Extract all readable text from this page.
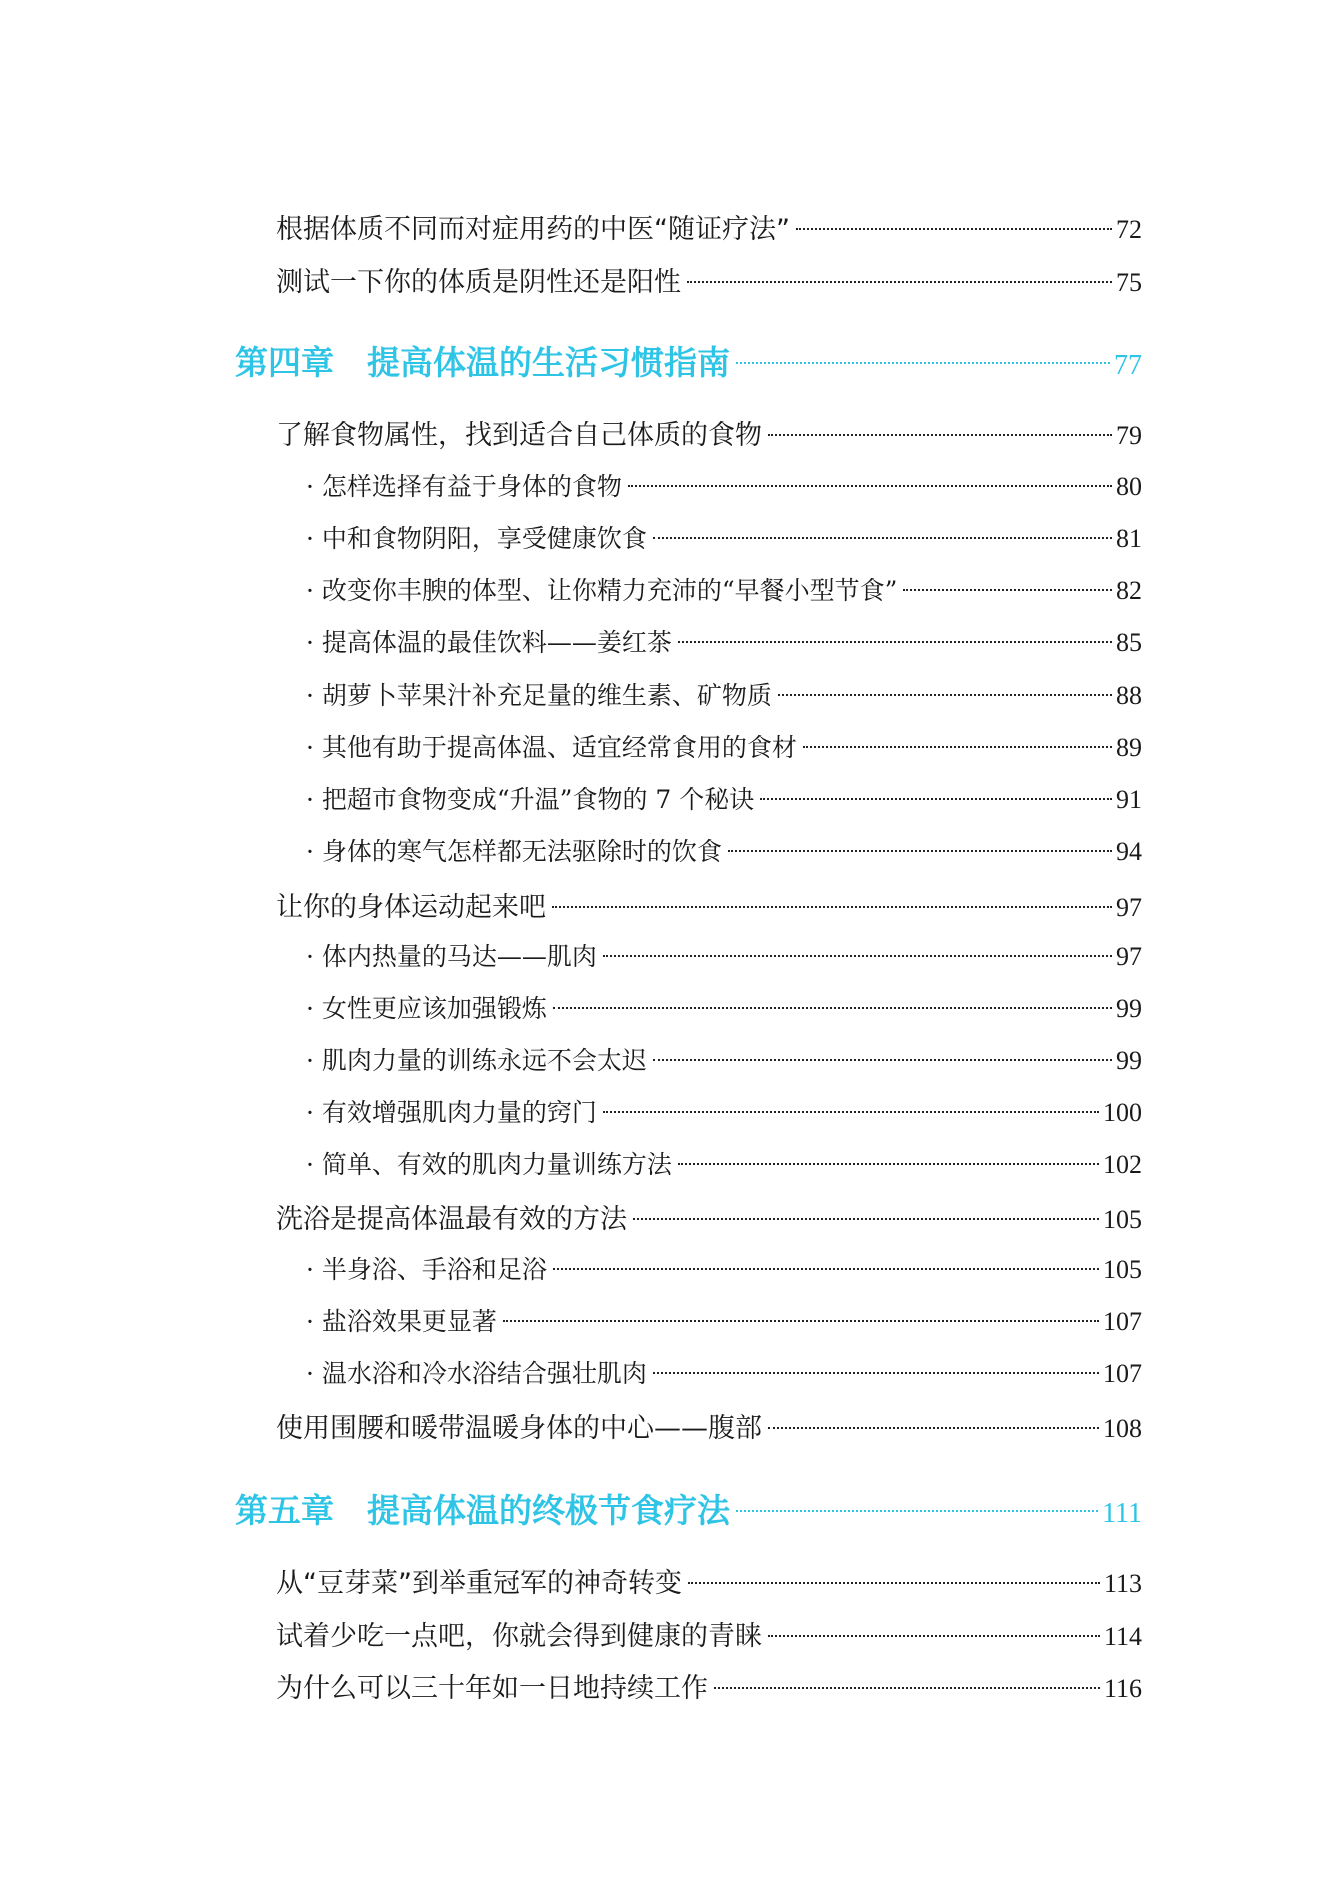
根据体质不同而对症用药的中医“随证疗法”	72
测试一下你的体质是阴性还是阳性	75
第四章　提高体温的生活习惯指南	77
了解食物属性，找到适合自己体质的食物	79
· 怎样选择有益于身体的食物	80
· 中和食物阴阳，享受健康饮食	81
· 改变你丰腴的体型、让你精力充沛的“早餐小型节食”	82
· 提高体温的最佳饮料——姜红茶	85
· 胡萝卜苹果汁补充足量的维生素、矿物质	88
· 其他有助于提高体温、适宜经常食用的食材	89
· 把超市食物变成“升温”食物的 7 个秘诀	91
· 身体的寒气怎样都无法驱除时的饮食	94
让你的身体运动起来吧	97
· 体内热量的马达——肌肉	97
· 女性更应该加强锻炼	99
· 肌肉力量的训练永远不会太迟	99
· 有效增强肌肉力量的窍门	100
· 简单、有效的肌肉力量训练方法	102
洗浴是提高体温最有效的方法	105
· 半身浴、手浴和足浴	105
· 盐浴效果更显著	107
· 温水浴和冷水浴结合强壮肌肉	107
使用围腰和暖带温暖身体的中心——腹部	108
第五章　提高体温的终极节食疗法	111
从“豆芽菜”到举重冠军的神奇转变	113
试着少吃一点吧，你就会得到健康的青睐	114
为什么可以三十年如一日地持续工作	116
